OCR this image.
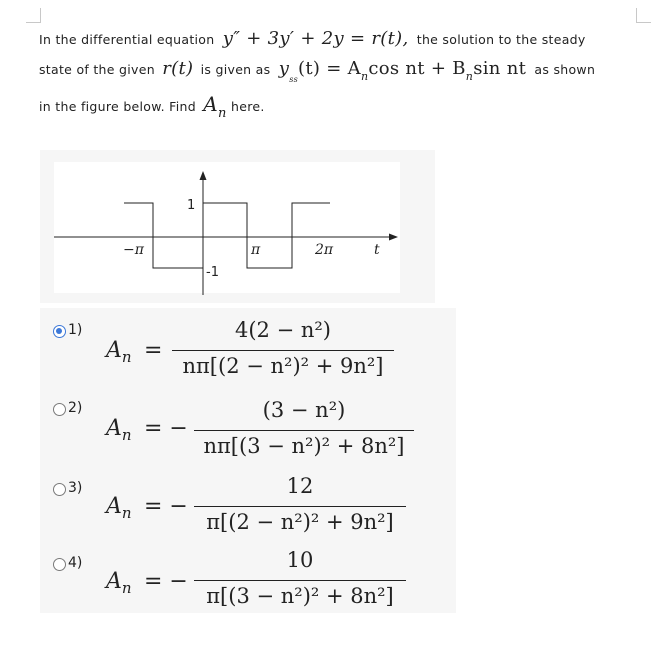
In the differential equation y″ + 3y′ + 2y = r(t), the solution to the steady
state of the given r(t) is given as $y_{ss}(t) = Ancos$ nt + Bnsin nt as shown
in the figure below. Find An here.
1
-1
−π	π	2π	t
1)
$A_n$ =
4(2 − n²)
nπ[(2 − n²)² + 9n²]
2)
$A_n$ = −
(3 − n²)
nπ[(3 − n²)² + 8n²]
3)
$A_n$ = −
12
π[(2 − n²)² + 9n²]
4)
$A_n$ = −
10
π[(3 − n²)² + 8n²]
